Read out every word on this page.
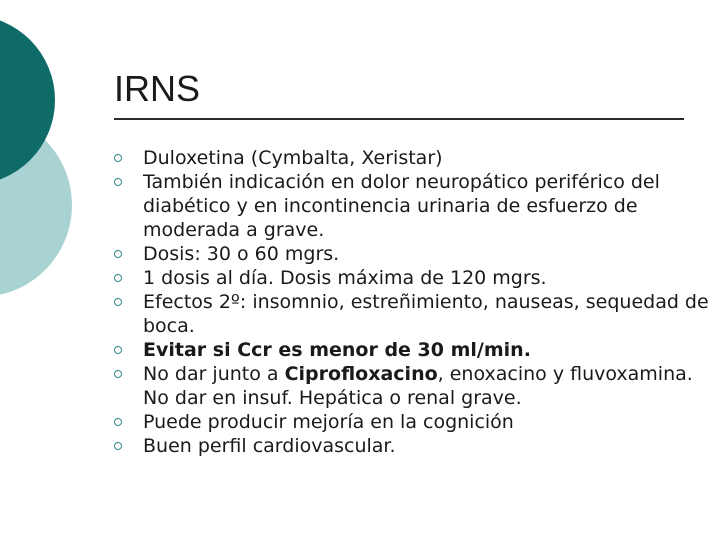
IRNS
Duloxetina (Cymbalta, Xeristar)
También indicación en dolor neuropático periférico del diabético y en incontinencia urinaria de esfuerzo de moderada a grave.
Dosis: 30 o 60 mgrs.
1 dosis al día. Dosis máxima de 120 mgrs.
Efectos 2º: insomnio, estreñimiento, nauseas, sequedad de boca.
Evitar si Ccr es menor de 30 ml/min.
No dar junto a Ciprofloxacino, enoxacino y fluvoxamina. No dar en insuf. Hepática o renal grave.
Puede producir mejoría en la cognición
Buen perfil cardiovascular.
